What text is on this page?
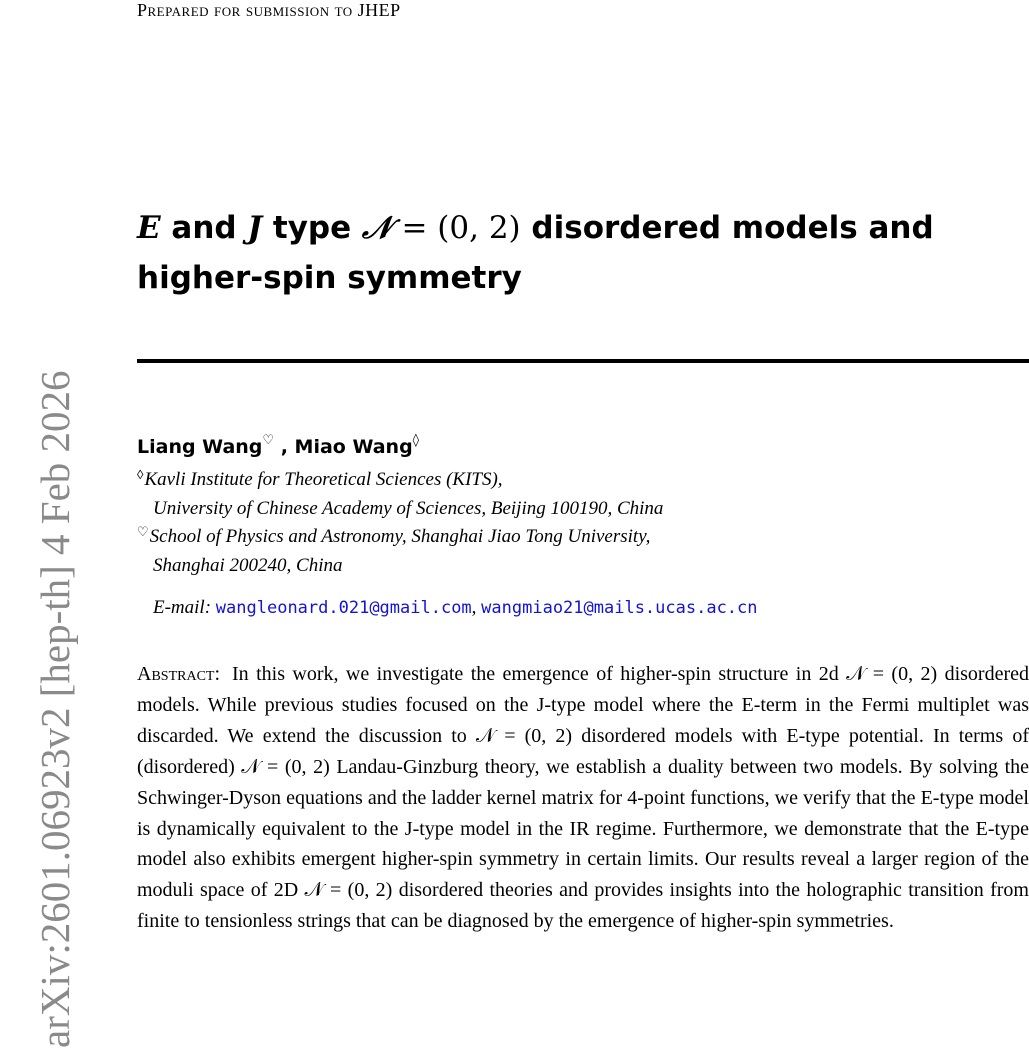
Prepared for submission to JHEP
arXiv:2601.06923v2 [hep-th] 4 Feb 2026
E and J type 𝒩 = (0, 2) disordered models and higher-spin symmetry
Liang Wang♡ , Miao Wang◊
◊Kavli Institute for Theoretical Sciences (KITS),
University of Chinese Academy of Sciences, Beijing 100190, China
♡School of Physics and Astronomy, Shanghai Jiao Tong University,
Shanghai 200240, China
E-mail: wangleonard.021@gmail.com, wangmiao21@mails.ucas.ac.cn

Abstract: In this work, we investigate the emergence of higher-spin structure in 2d 𝒩 = (0, 2) disordered models. While previous studies focused on the J-type model where the E-term in the Fermi multiplet was discarded. We extend the discussion to 𝒩 = (0, 2) disordered models with E-type potential. In terms of (disordered) 𝒩 = (0, 2) Landau-Ginzburg theory, we establish a duality between two models. By solving the Schwinger-Dyson equations and the ladder kernel matrix for 4-point functions, we verify that the E-type model is dynamically equivalent to the J-type model in the IR regime. Furthermore, we demonstrate that the E-type model also exhibits emergent higher-spin symmetry in certain limits. Our results reveal a larger region of the moduli space of 2D 𝒩 = (0, 2) disordered theories and provides insights into the holographic transition from finite to tensionless strings that can be diagnosed by the emergence of higher-spin symmetries.
